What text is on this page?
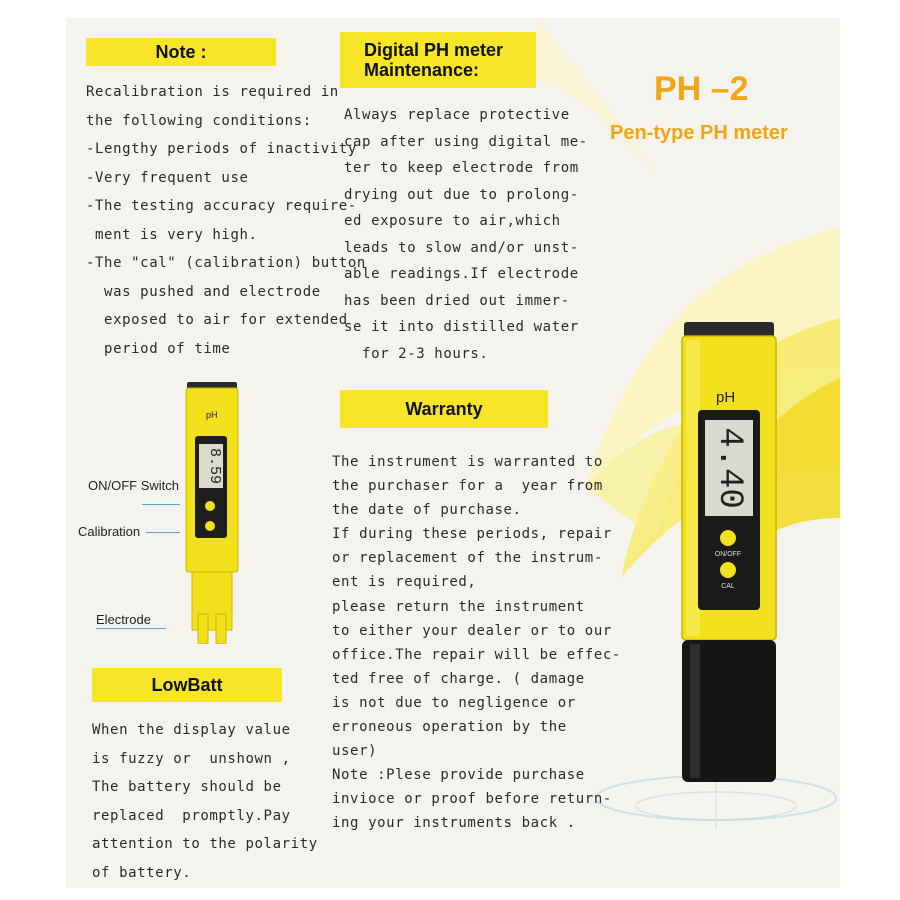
Note :
Recalibration is required in
the following conditions:
-Lengthy periods of inactivity
-Very frequent use
-The testing accuracy require-
ment is very high.
-The "cal" (calibration) button
was pushed and electrode
exposed to air for extended
period of time
pH
8.59
ON/OFF Switch
Calibration
Electrode
LowBatt
When the display value
is fuzzy or  unshown ,
The battery should be
replaced  promptly.Pay
attention to the polarity
of battery.
Digital PH meter
Maintenance:
Always replace protective
cap after using digital me-
ter to keep electrode from
drying out due to prolong-
ed exposure to air,which
leads to slow and/or unst-
able readings.If electrode
has been dried out immer-
se it into distilled water
for 2-3 hours.
Warranty
The instrument is warranted to
the purchaser for a  year from
the date of purchase.
If during these periods, repair
or replacement of the instrum-
ent is required,
please return the instrument
to either your dealer or to our
office.The repair will be effec-
ted free of charge. ( damage
is not due to negligence or
erroneous operation by the
user)
Note :Plese provide purchase
invioce or proof before return-
ing your instruments back .
PH –2
Pen-type PH meter
pH
4.40
ON/OFF
CAL
